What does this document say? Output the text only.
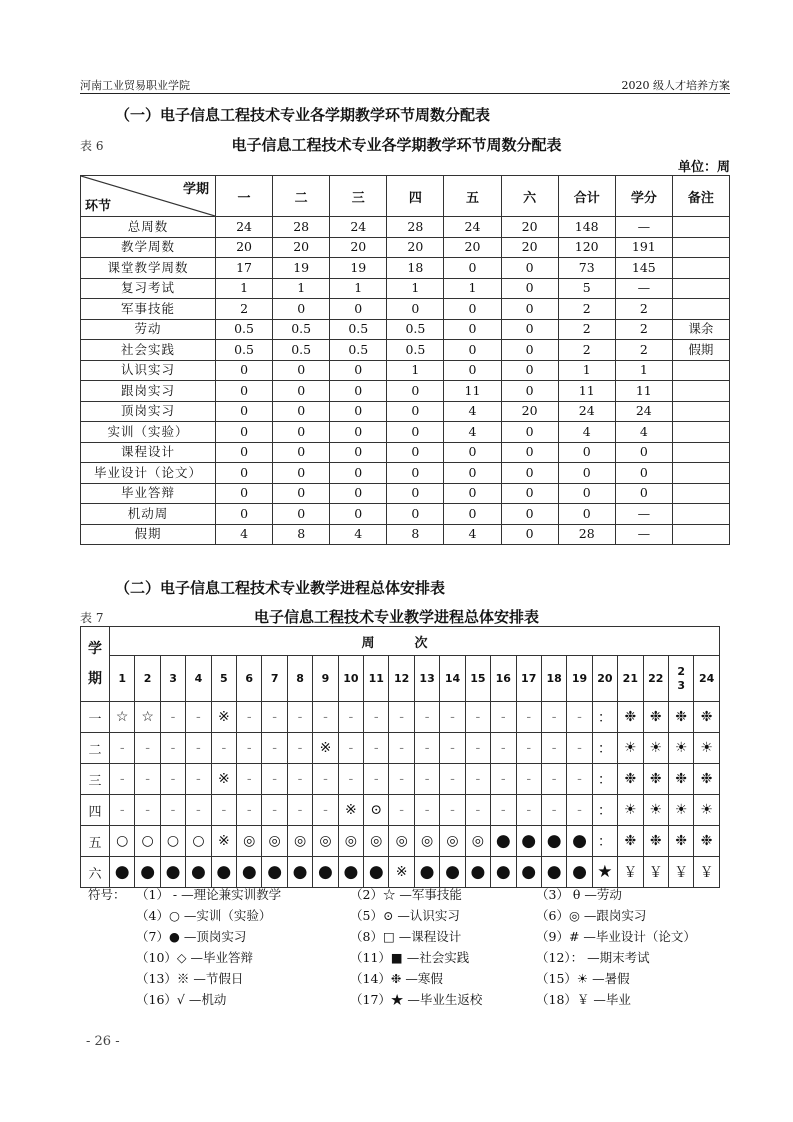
河南工业贸易职业学院	2020 级人才培养方案
（一）电子信息工程技术专业各学期教学环节周数分配表
表 6	电子信息工程技术专业各学期教学环节周数分配表
单位：周
学期
环节	一	二	三	四	五	六	合计	学分	备注
总周数	24	28	24	28	24	20	148	—	
教学周数	20	20	20	20	20	20	120	191	
课堂教学周数	17	19	19	18	0	0	73	145	
复习考试	1	1	1	1	1	0	5	—	
军事技能	2	0	0	0	0	0	2	2	
劳动	0.5	0.5	0.5	0.5	0	0	2	2	课余
社会实践	0.5	0.5	0.5	0.5	0	0	2	2	假期
认识实习	0	0	0	1	0	0	1	1	
跟岗实习	0	0	0	0	11	0	11	11	
顶岗实习	0	0	0	0	4	20	24	24	
实训（实验）	0	0	0	0	4	0	4	4	
课程设计	0	0	0	0	0	0	0	0	
毕业设计（论文）	0	0	0	0	0	0	0	0	
毕业答辩	0	0	0	0	0	0	0	0	
机动周	0	0	0	0	0	0	0	—	
假期	4	8	4	8	4	0	28	—	
（二）电子信息工程技术专业教学进程总体安排表
表 7	电子信息工程技术专业教学进程总体安排表
学期	周次																							
	1	2	3	4	5	6	7	8	9	10	11	12	13	14	15	16	17	18	19	20	21	22	23	24
一	☆	☆	-	-	※	-	-	-	-	-	-	-	-	-	-	-	-	-	-	：	❉	❉	❉	❉
二	-	-	-	-	-	-	-	-	※	-	-	-	-	-	-	-	-	-	-	：	☀	☀	☀	☀
三	-	-	-	-	※	-	-	-	-	-	-	-	-	-	-	-	-	-	-	：	❉	❉	❉	❉
四	-	-	-	-	-	-	-	-	-	※	⊙	-	-	-	-	-	-	-	-	：	☀	☀	☀	☀
五	○	○	○	○	※	◎	◎	◎	◎	◎	◎	◎	◎	◎	◎	●	●	●	●	：	❉	❉	❉	❉
六	●	●	●	●	●	●	●	●	●	●	●	※	●	●	●	●	●	●	●	★	￥	￥	￥	￥
符号： （1） - —理论兼实训教学	（2）☆ —军事技能	（3） θ —劳动
（4）○ —实训（实验）	（5）⊙ —认识实习	（6）◎ —跟岗实习
（7）● —顶岗实习	（8）□ —课程设计	（9）# —毕业设计（论文）
（10）◇ —毕业答辩	（11）■ —社会实践	（12）： —期末考试
（13）※ —节假日	（14）❉ —寒假	（15）☀ —暑假
（16）√ —机动	（17）★ —毕业生返校	（18）￥ —毕业
- 26 -
